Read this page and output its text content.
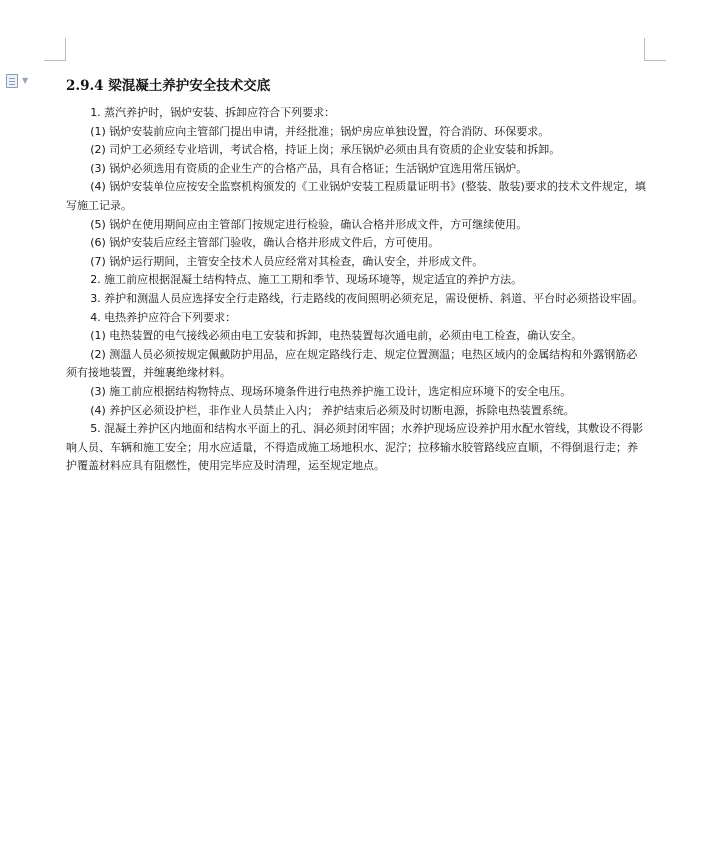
▼	2.9.4 梁混凝土养护安全技术交底

1. 蒸汽养护时，锅炉安装、拆卸应符合下列要求：

(1) 锅炉安装前应向主管部门提出申请，并经批准；锅炉房应单独设置，符合消防、环保要求。

(2) 司炉工必须经专业培训，考试合格，持证上岗；承压锅炉必须由具有资质的企业安装和拆卸。

(3) 锅炉必须选用有资质的企业生产的合格产品，具有合格证；生活锅炉宜选用常压锅炉。

(4) 锅炉安装单位应按安全监察机构颁发的《工业锅炉安装工程质量证明书》(整装、散装)要求的技术文件规定，填写施工记录。

(5) 锅炉在使用期间应由主管部门按规定进行检验，确认合格并形成文件，方可继续使用。

(6) 锅炉安装后应经主管部门验收，确认合格并形成文件后，方可使用。

(7) 锅炉运行期间，主管安全技术人员应经常对其检查，确认安全，并形成文件。

2. 施工前应根据混凝土结构特点、施工工期和季节、现场环境等，规定适宜的养护方法。

3. 养护和测温人员应选择安全行走路线，行走路线的夜间照明必须充足，需设便桥、斜道、平台时必须搭设牢固。

4. 电热养护应符合下列要求：

(1) 电热装置的电气接线必须由电工安装和拆卸，电热装置每次通电前，必须由电工检查，确认安全。

(2) 测温人员必须按规定佩戴防护用品，应在规定路线行走、规定位置测温；电热区域内的金属结构和外露钢筋必须有接地装置，并缠裹绝缘材料。

(3) 施工前应根据结构物特点、现场环境条件进行电热养护施工设计，选定相应环境下的安全电压。

(4) 养护区必须设护栏，非作业人员禁止入内； 养护结束后必须及时切断电源，拆除电热装置系统。

5. 混凝土养护区内地面和结构水平面上的孔、洞必须封闭牢固；水养护现场应设养护用水配水管线，其敷设不得影响人员、车辆和施工安全；用水应适量，不得造成施工场地积水、泥泞；拉移输水胶管路线应直顺，不得倒退行走；养护覆盖材料应具有阻燃性，使用完毕应及时清理，运至规定地点。
